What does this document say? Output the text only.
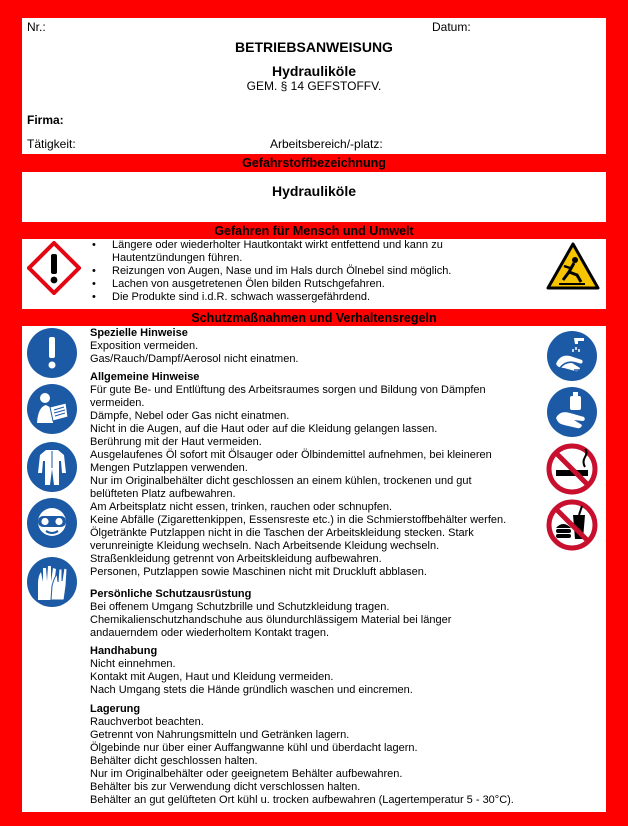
Nr.:	Datum:
BETRIEBSANWEISUNG
Hydrauliköle
GEM. § 14 GEFSTOFFV.
Firma:
Tätigkeit:	Arbeitsbereich/-platz:
Gefahrstoffbezeichnung
Hydrauliköle
Gefahren für Mensch und Umwelt
• Längere oder wiederholter Hautkontakt wirkt entfettend und kann zu
Hautentzündungen führen.
• Reizungen von Augen, Nase und im Hals durch Ölnebel sind möglich.
• Lachen von ausgetretenen Ölen bilden Rutschgefahren.
• Die Produkte sind i.d.R. schwach wassergefährdend.
Schutzmaßnahmen und Verhaltensregeln
Spezielle Hinweise
Exposition vermeiden.
Gas/Rauch/Dampf/Aerosol nicht einatmen.
Allgemeine Hinweise
Für gute Be- und Entlüftung des Arbeitsraumes sorgen und Bildung von Dämpfen
vermeiden.
Dämpfe, Nebel oder Gas nicht einatmen.
Nicht in die Augen, auf die Haut oder auf die Kleidung gelangen lassen.
Berührung mit der Haut vermeiden.
Ausgelaufenes Öl sofort mit Ölsauger oder Ölbindemittel aufnehmen, bei kleineren
Mengen Putzlappen verwenden.
Nur im Originalbehälter dicht geschlossen an einem kühlen, trockenen und gut
belüfteten Platz aufbewahren.
Am Arbeitsplatz nicht essen, trinken, rauchen oder schnupfen.
Keine Abfälle (Zigarettenkippen, Essensreste etc.) in die Schmierstoffbehälter werfen.
Ölgetränkte Putzlappen nicht in die Taschen der Arbeitskleidung stecken. Stark
verunreinigte Kleidung wechseln. Nach Arbeitsende Kleidung wechseln.
Straßenkleidung getrennt von Arbeitskleidung aufbewahren.
Personen, Putzlappen sowie Maschinen nicht mit Druckluft abblasen.
Persönliche Schutzausrüstung
Bei offenem Umgang Schutzbrille und Schutzkleidung tragen.
Chemikalienschutzhandschuhe aus ölundurchlässigem Material bei länger
andauerndem oder wiederholtem Kontakt tragen.
Handhabung
Nicht einnehmen.
Kontakt mit Augen, Haut und Kleidung vermeiden.
Nach Umgang stets die Hände gründlich waschen und eincremen.
Lagerung
Rauchverbot beachten.
Getrennt von Nahrungsmitteln und Getränken lagern.
Ölgebinde nur über einer Auffangwanne kühl und überdacht lagern.
Behälter dicht geschlossen halten.
Nur im Originalbehälter oder geeignetem Behälter aufbewahren.
Behälter bis zur Verwendung dicht verschlossen halten.
Behälter an gut gelüfteten Ort kühl u. trocken aufbewahren (Lagertemperatur 5 - 30°C).
